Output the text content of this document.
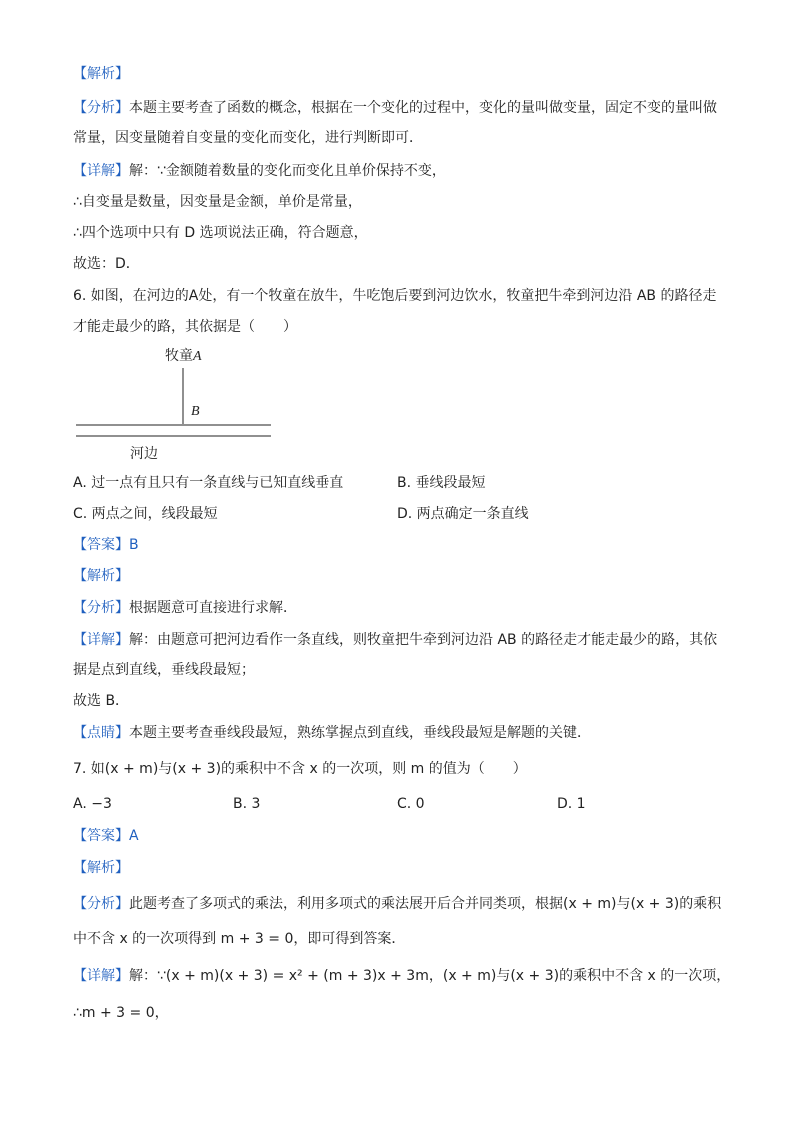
【解析】
【分析】本题主要考查了函数的概念，根据在一个变化的过程中，变化的量叫做变量，固定不变的量叫做
常量，因变量随着自变量的变化而变化，进行判断即可．
【详解】解：∵金额随着数量的变化而变化且单价保持不变，
∴自变量是数量，因变量是金额，单价是常量，
∴四个选项中只有 D 选项说法正确，符合题意，
故选：D．
6. 如图，在河边的A处，有一个牧童在放牛，牛吃饱后要到河边饮水，牧童把牛牵到河边沿 AB 的路径走
才能走最少的路，其依据是（　　）
牧童A
B
河边
A. 过一点有且只有一条直线与已知直线垂直	B. 垂线段最短
C. 两点之间，线段最短	D. 两点确定一条直线
【答案】B
【解析】
【分析】根据题意可直接进行求解．
【详解】解：由题意可把河边看作一条直线，则牧童把牛牵到河边沿 AB 的路径走才能走最少的路，其依
据是点到直线，垂线段最短；
故选 B．
【点睛】本题主要考查垂线段最短，熟练掌握点到直线，垂线段最短是解题的关键．
7. 如(x + m)与(x + 3)的乘积中不含 x 的一次项，则 m 的值为（　　）
A. −3	B. 3	C. 0	D. 1
【答案】A
【解析】
【分析】此题考查了多项式的乘法，利用多项式的乘法展开后合并同类项，根据(x + m)与(x + 3)的乘积
中不含 x 的一次项得到 m + 3 = 0，即可得到答案．
【详解】解：∵(x + m)(x + 3) = x² + (m + 3)x + 3m，(x + m)与(x + 3)的乘积中不含 x 的一次项，
∴m + 3 = 0，
